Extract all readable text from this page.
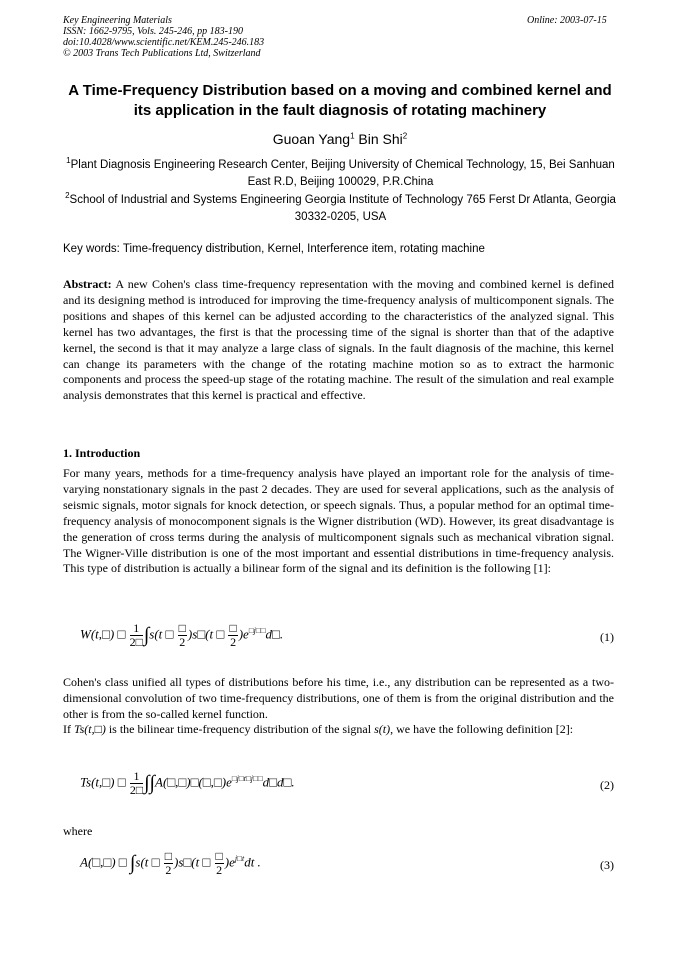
Key Engineering Materials
ISSN: 1662-9795, Vols. 245-246, pp 183-190
doi:10.4028/www.scientific.net/KEM.245-246.183
© 2003 Trans Tech Publications Ltd, Switzerland
Online: 2003-07-15
A Time-Frequency Distribution based on a moving and combined kernel and its application in the fault diagnosis of rotating machinery
Guoan Yang$^1$ Bin Shi$^2$
$^1$Plant Diagnosis Engineering Research Center, Beijing University of Chemical Technology, 15, Bei Sanhuan East R.D, Beijing 100029, P.R.China
$^2$School of Industrial and Systems Engineering Georgia Institute of Technology 765 Ferst Dr Atlanta, Georgia 30332-0205, USA
Key words: Time-frequency distribution, Kernel, Interference item, rotating machine
Abstract: A new Cohen's class time-frequency representation with the moving and combined kernel is defined and its designing method is introduced for improving the time-frequency analysis of multicomponent signals. The positions and shapes of this kernel can be adjusted according to the characteristics of the analyzed signal. This kernel has two advantages, the first is that the processing time of the signal is shorter than that of the adaptive kernel, the second is that it may analyze a large class of signals. In the fault diagnosis of the machine, this kernel can change its parameters with the change of the rotating machine motion so as to extract the harmonic components and process the speed-up stage of the rotating machine. The result of the simulation and real example analysis demonstrates that this kernel is practical and effective.
1. Introduction
For many years, methods for a time-frequency analysis have played an important role for the analysis of time-varying nonstationary signals in the past 2 decades. They are used for several applications, such as the analysis of seismic signals, motor signals for knock detection, or speech signals. Thus, a popular method for an optimal time-frequency analysis of monocomponent signals is the Wigner distribution (WD). However, its great disadvantage is the generation of cross terms during the analysis of multicomponent signals such as mechanical vibration signal. The Wigner-Ville distribution is one of the most important and essential distributions in time-frequency analysis. This type of distribution is actually a bilinear form of the signal and its definition is the following [1]:
W(t,□) □ $\frac{1}{2□} \int s(t$ □ $\frac{□}{2}$ )s□(t □ $\frac{□}{2}$ )$e^{□j□□}d□$.	(1)
Cohen's class unified all types of distributions before his time, i.e., any distribution can be represented as a two-dimensional convolution of two time-frequency distributions, one of them is from the original distribution and the other is from the so-called kernel function.
If Ts(t,□) is the bilinear time-frequency distribution of the signal s(t), we have the following definition [2]:
Ts(t,□) □ $\frac{1}{2□}$ $\int\int A(□,□)□(□,□)e^{□j□t□j□□}d□d□$.	(2)
where
A(□,□) □ ∫s(t □ $\frac{□}{2}$ )s□(t □ $\frac{□}{2} )e^{j□t}dt$ .	(3)
